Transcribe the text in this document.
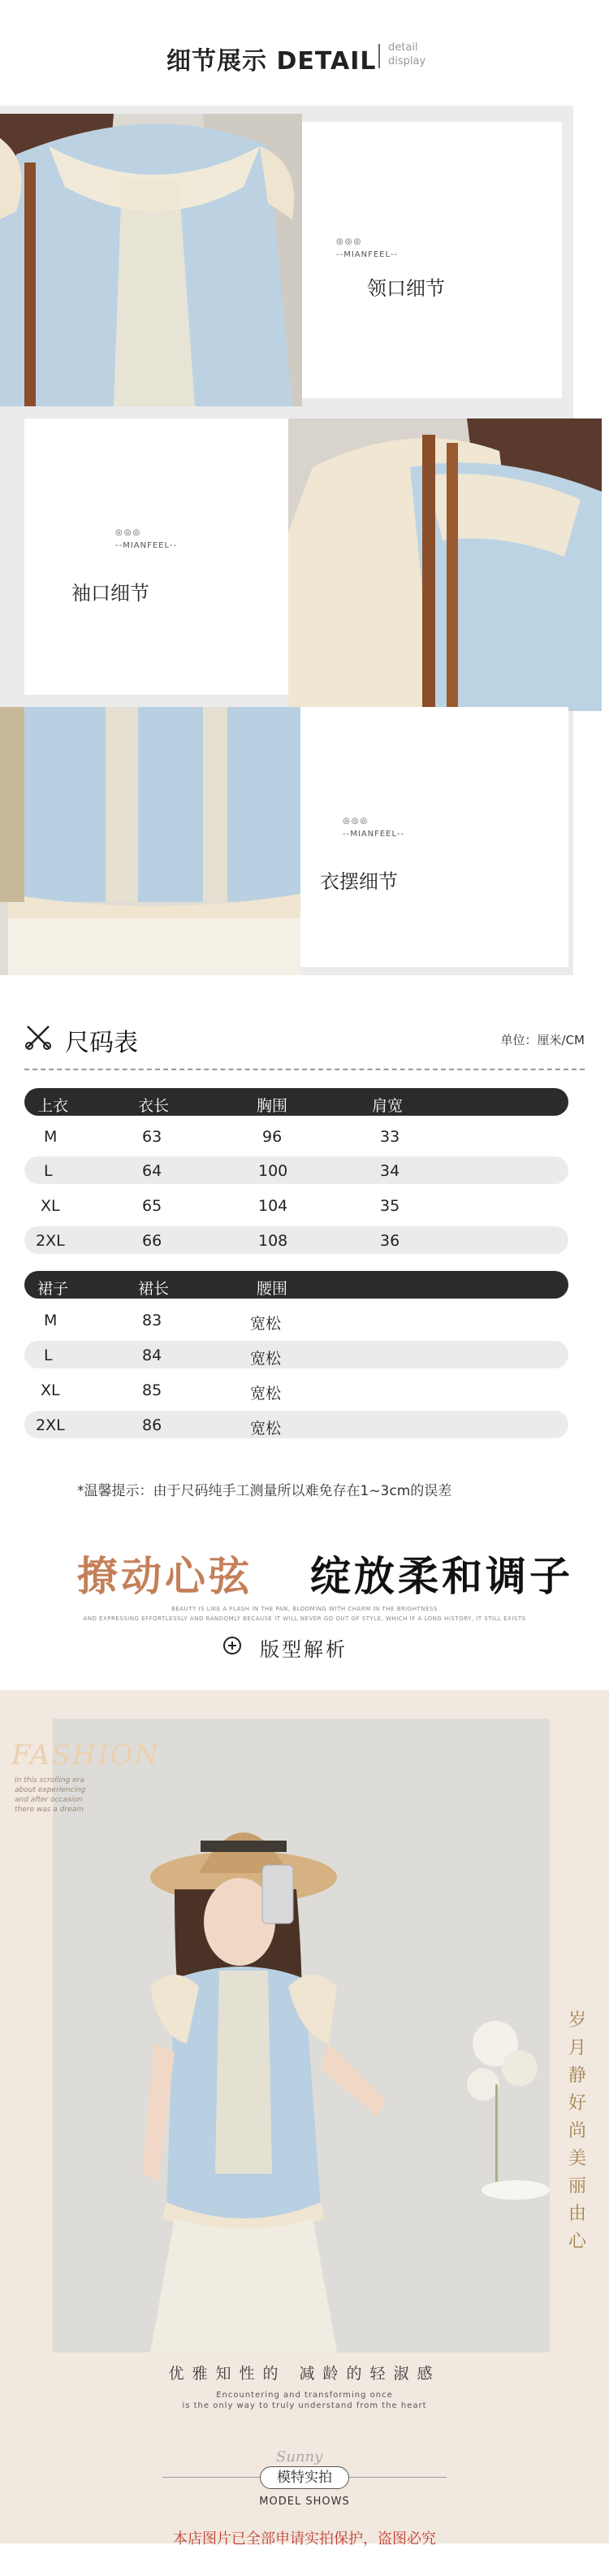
细节展示 DETAIL detail
display
◎◎◎
--MIANFEEL--
领口细节
◎◎◎
--MIANFEEL--
袖口细节
◎◎◎
--MIANFEEL--
衣摆细节
尺码表	单位：厘米/CM
上衣	衣长	胸围	肩宽
M	63	96	33
L	64	100	34
XL	65	104	35
2XL	66	108	36
裙子	裙长	腰围
M	83	宽松
L	84	宽松
XL	85	宽松
2XL	86	宽松
*温馨提示：由于尺码纯手工测量所以难免存在1~3cm的误差
撩动心弦 绽放柔和调子
BEAUTY IS LIKE A FLASH IN THE PAN, BLOOMING WITH CHARM IN THE BRIGHTNESS
AND EXPRESSING EFFORTLESSLY AND RANDOMLY BECAUSE IT WILL NEVER GO OUT OF STYLE, WHICH IF A LONG HISTORY, IT STILL EXISTS
版型解析
FASHION
In this scrolling era
about experiencing
and after occasion
there was a dream
岁月静好尚美丽由心
优雅知性的 减龄的轻淑感
Encountering and transforming once
is the only way to truly understand from the heart
Sunny
模特实拍
MODEL SHOWS
本店图片已全部申请实拍保护，盗图必究
